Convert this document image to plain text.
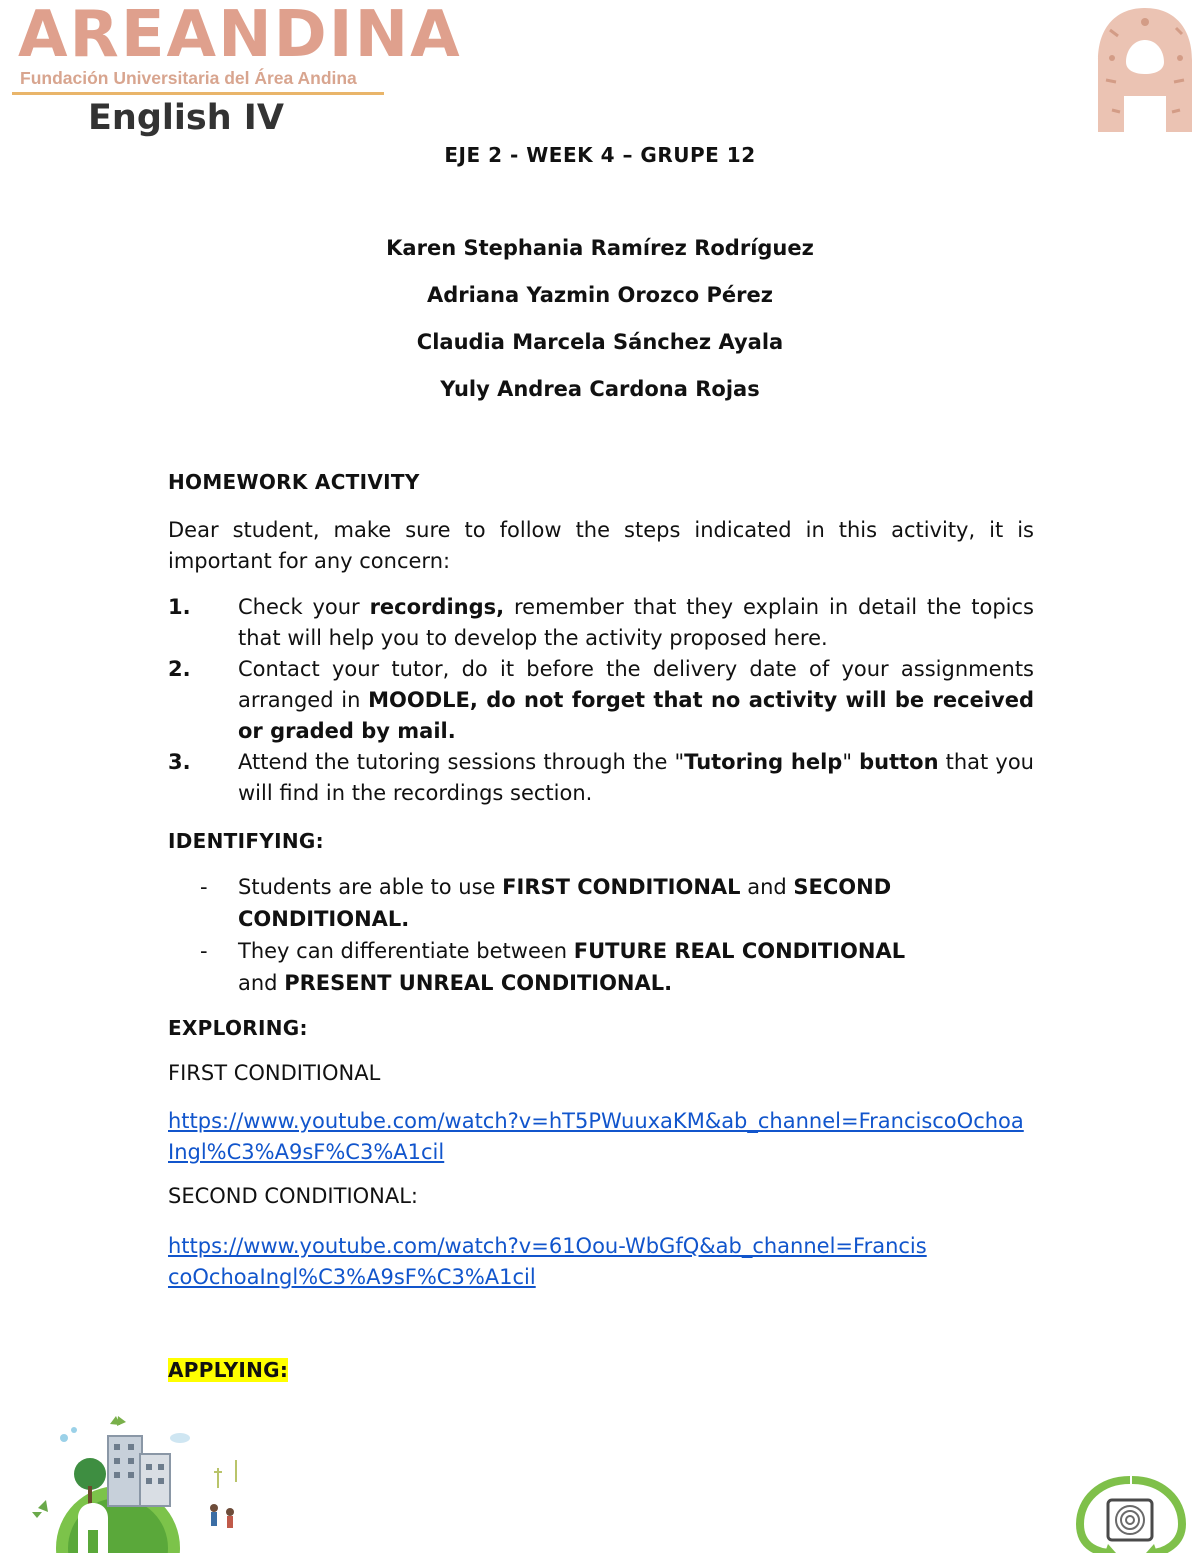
AREANDINA
Fundación Universitaria del Área Andina
English IV
EJE 2 - WEEK 4 – GRUPE 12
Karen Stephania Ramírez Rodríguez
Adriana Yazmin Orozco Pérez
Claudia Marcela Sánchez Ayala
Yuly Andrea Cardona Rojas
HOMEWORK ACTIVITY
Dear student, make sure to follow the steps indicated in this activity, it is important for any concern:
1. Check your recordings, remember that they explain in detail the topics that will help you to develop the activity proposed here.
2. Contact your tutor, do it before the delivery date of your assignments arranged in MOODLE, do not forget that no activity will be received or graded by mail.
3. Attend the tutoring sessions through the "Tutoring help" button that you will find in the recordings section.
IDENTIFYING:
- Students are able to use FIRST CONDITIONAL and SECOND CONDITIONAL.
- They can differentiate between FUTURE REAL CONDITIONAL and PRESENT UNREAL CONDITIONAL.
EXPLORING:
FIRST CONDITIONAL
https://www.youtube.com/watch?v=hT5PWuuxaKM&ab_channel=FranciscoOchoaIngl%C3%A9sF%C3%A1cil
SECOND CONDITIONAL:
https://www.youtube.com/watch?v=61Oou-WbGfQ&ab_channel=FranciscoOchoaIngl%C3%A9sF%C3%A1cil
APPLYING:
